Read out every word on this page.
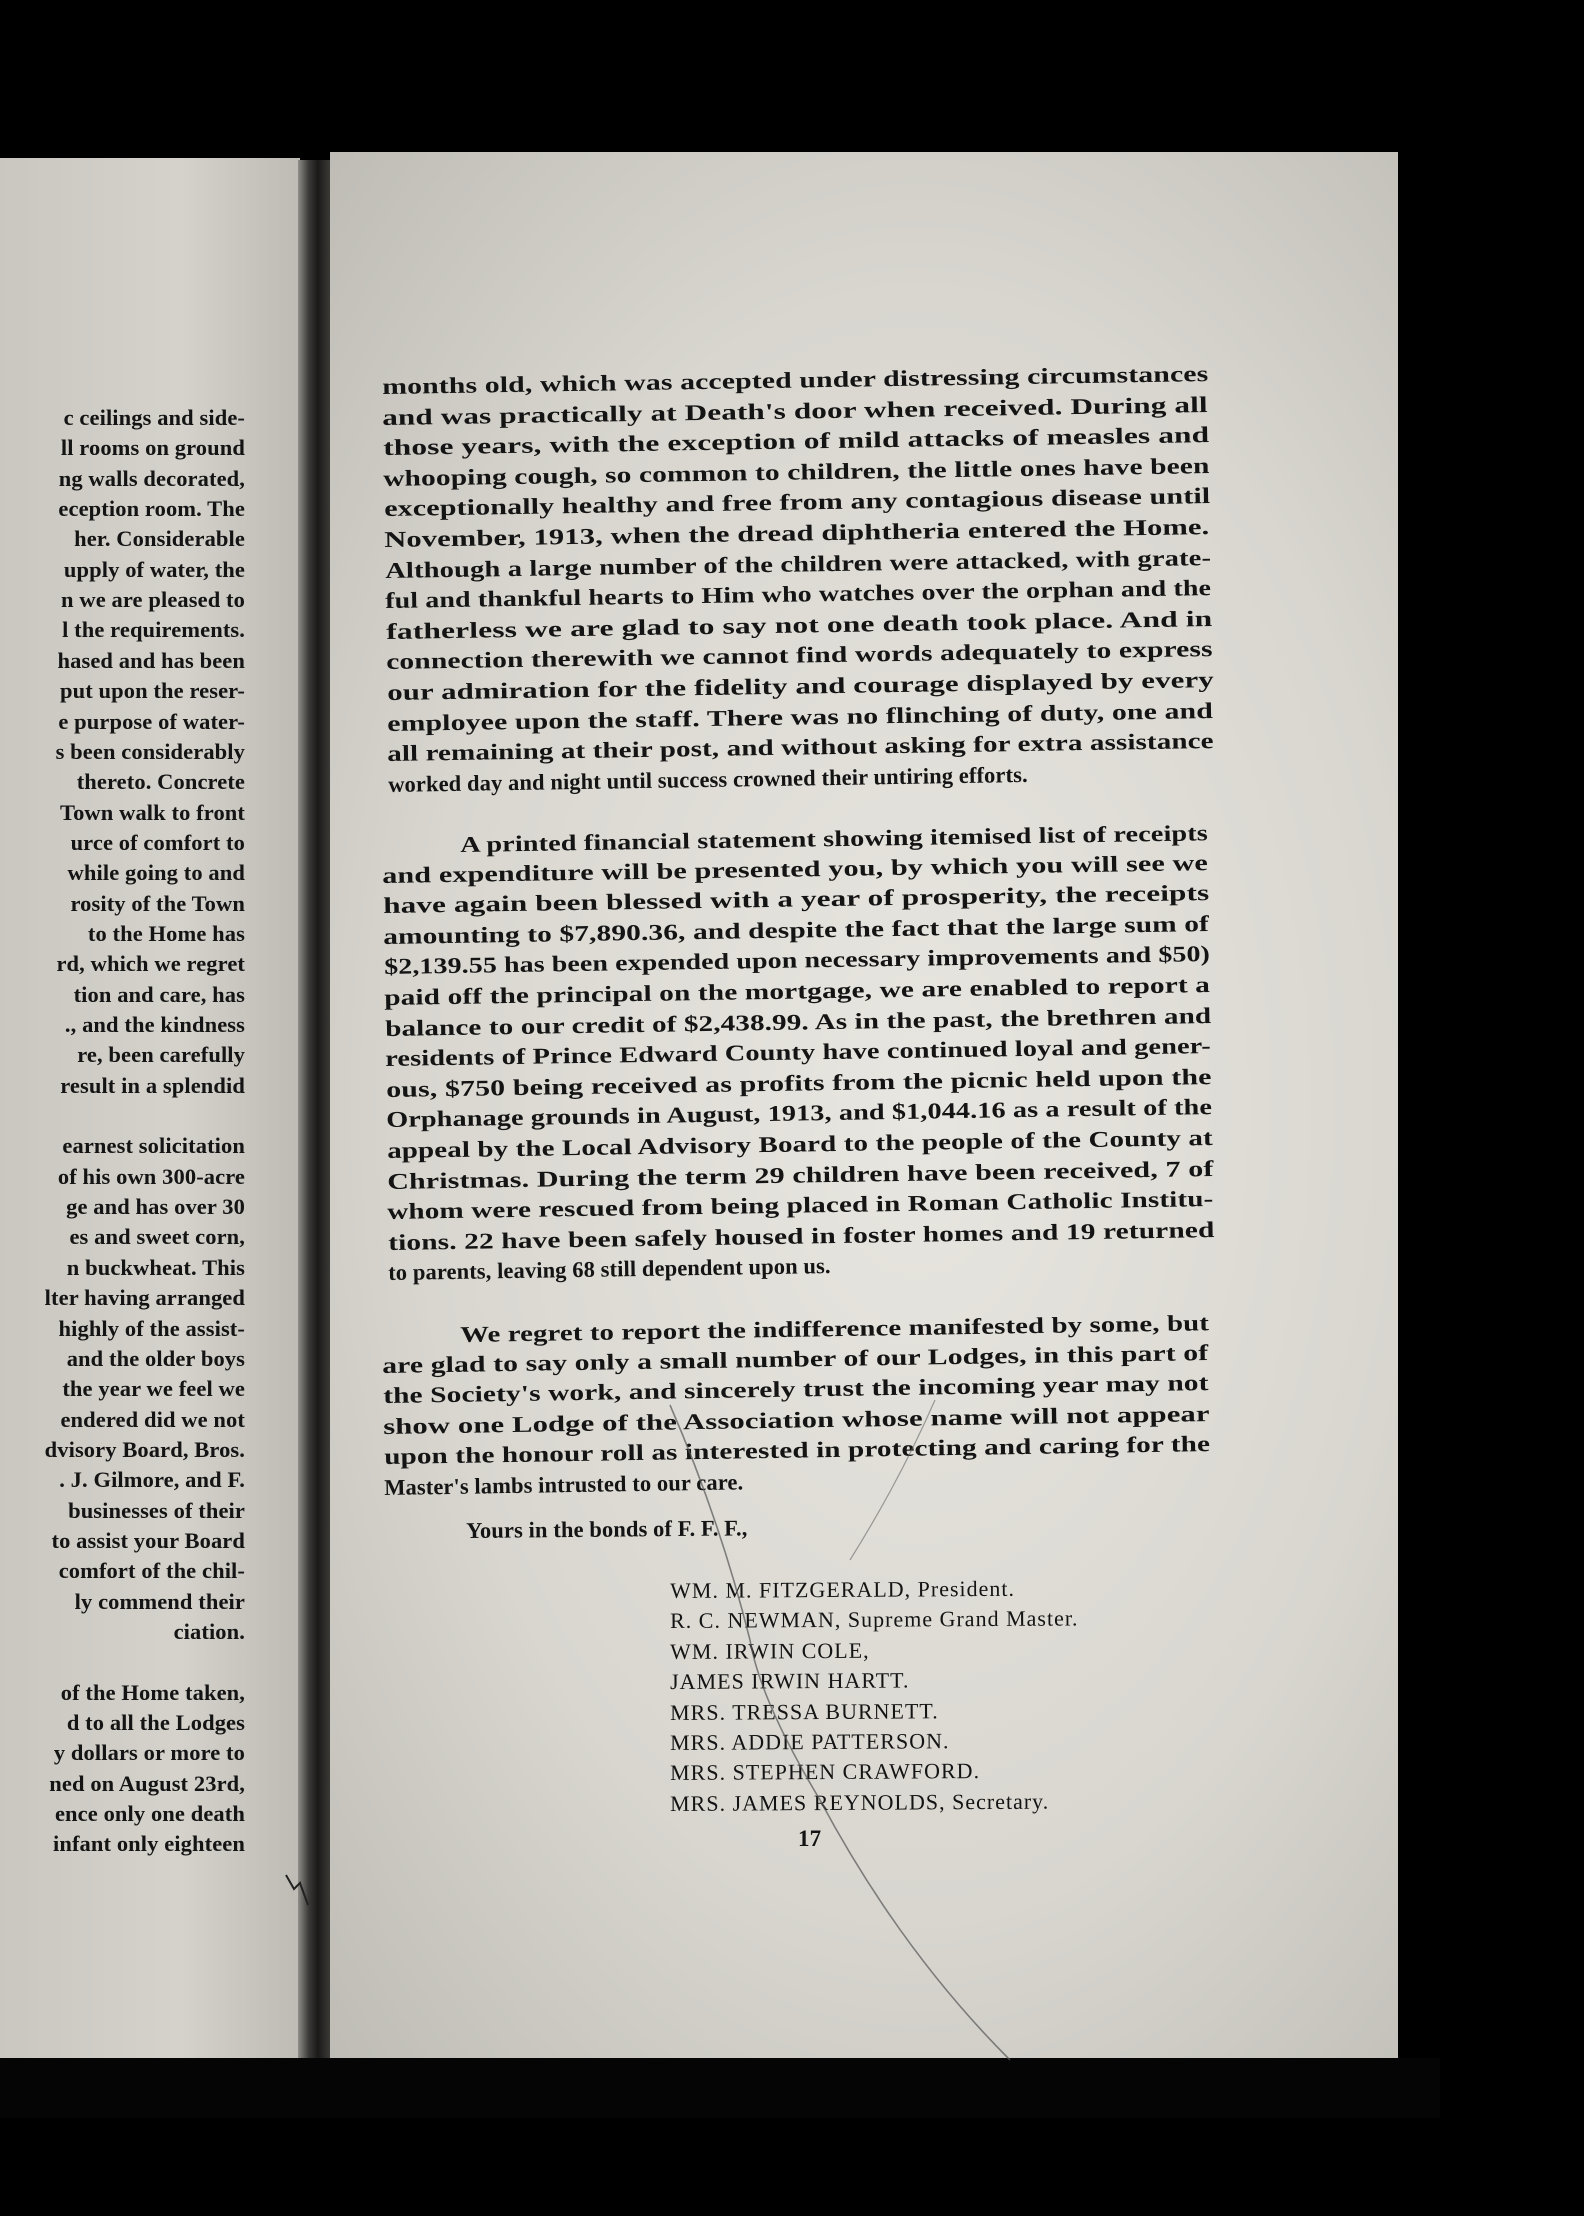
c ceilings and side-
ll rooms on ground
ng walls decorated,
eception room. The
her. Considerable
upply of water, the
n we are pleased to
l the requirements.
hased and has been
put upon the reser-
e purpose of water-
s been considerably
thereto. Concrete
Town walk to front
urce of comfort to
while going to and
rosity of the Town
to the Home has
rd, which we regret
tion and care, has
., and the kindness
re, been carefully
result in a splendid
earnest solicitation
of his own 300-acre
ge and has over 30
es and sweet corn,
n buckwheat. This
lter having arranged
highly of the assist-
and the older boys
the year we feel we
endered did we not
dvisory Board, Bros.
. J. Gilmore, and F.
businesses of their
to assist your Board
comfort of the chil-
ly commend their
ciation.
of the Home taken,
d to all the Lodges
y dollars or more to
ned on August 23rd,
ence only one death
infant only eighteen
months old, which was accepted under distressing circumstances
and was practically at Death's door when received. During all
those years, with the exception of mild attacks of measles and
whooping cough, so common to children, the little ones have been
exceptionally healthy and free from any contagious disease until
November, 1913, when the dread diphtheria entered the Home.
Although a large number of the children were attacked, with grate-
ful and thankful hearts to Him who watches over the orphan and the
fatherless we are glad to say not one death took place. And in
connection therewith we cannot find words adequately to express
our admiration for the fidelity and courage displayed by every
employee upon the staff. There was no flinching of duty, one and
all remaining at their post, and without asking for extra assistance
worked day and night until success crowned their untiring efforts.
A printed financial statement showing itemised list of receipts
and expenditure will be presented you, by which you will see we
have again been blessed with a year of prosperity, the receipts
amounting to $7,890.36, and despite the fact that the large sum of
$2,139.55 has been expended upon necessary improvements and $50)
paid off the principal on the mortgage, we are enabled to report a
balance to our credit of $2,438.99. As in the past, the brethren and
residents of Prince Edward County have continued loyal and gener-
ous, $750 being received as profits from the picnic held upon the
Orphanage grounds in August, 1913, and $1,044.16 as a result of the
appeal by the Local Advisory Board to the people of the County at
Christmas. During the term 29 children have been received, 7 of
whom were rescued from being placed in Roman Catholic Institu-
tions. 22 have been safely housed in foster homes and 19 returned
to parents, leaving 68 still dependent upon us.
We regret to report the indifference manifested by some, but
are glad to say only a small number of our Lodges, in this part of
the Society's work, and sincerely trust the incoming year may not
show one Lodge of the Association whose name will not appear
upon the honour roll as interested in protecting and caring for the
Master's lambs intrusted to our care.
Yours in the bonds of F. F. F.,
WM. M. FITZGERALD, President.
R. C. NEWMAN, Supreme Grand Master.
WM. IRWIN COLE,
JAMES IRWIN HARTT.
MRS. TRESSA BURNETT.
MRS. ADDIE PATTERSON.
MRS. STEPHEN CRAWFORD.
MRS. JAMES REYNOLDS, Secretary.
17
